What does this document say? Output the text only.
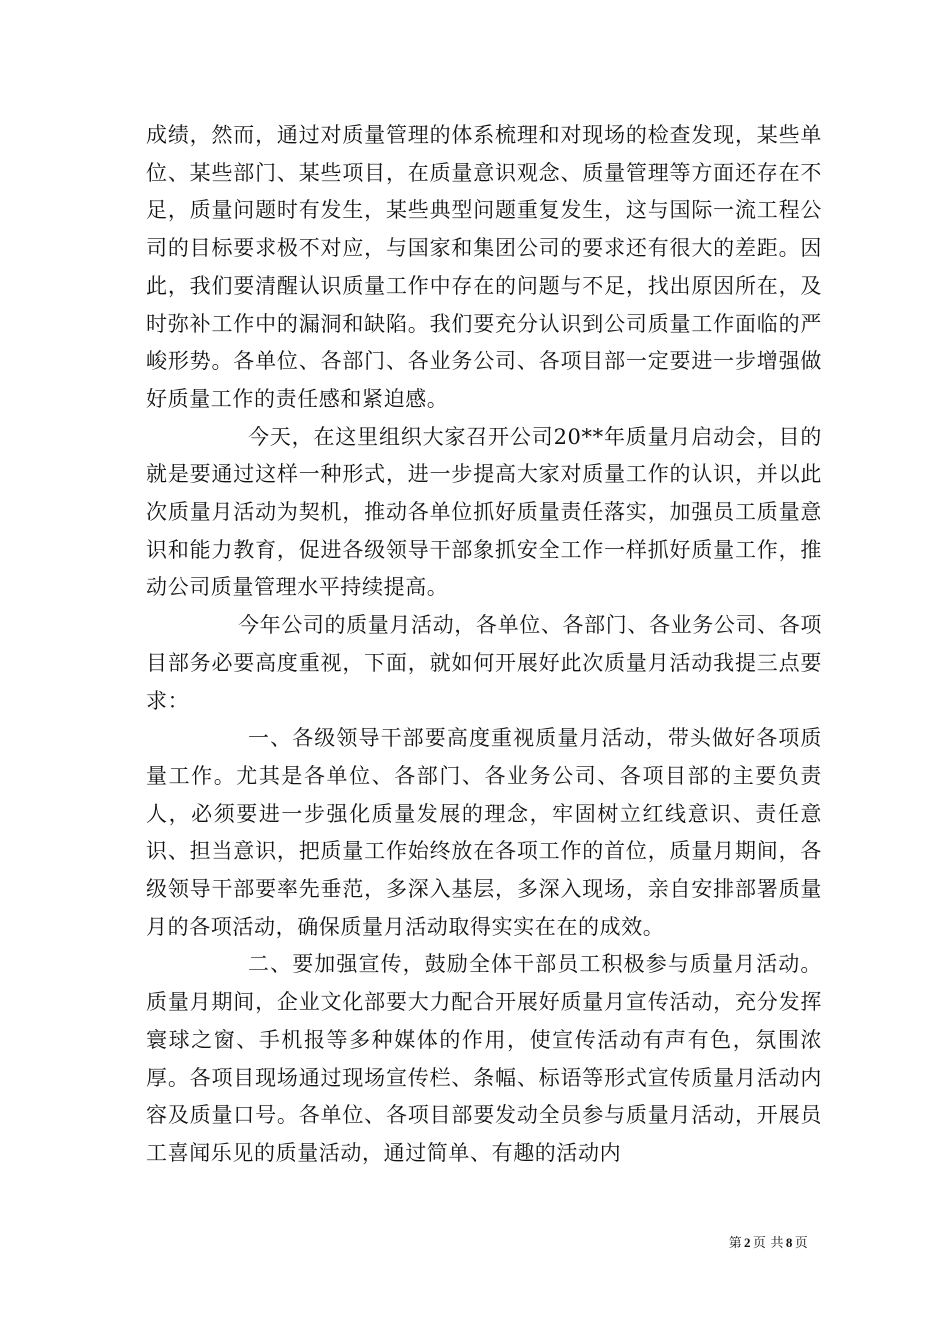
成绩，然而，通过对质量管理的体系梳理和对现场的检查发现，某些单位、某些部门、某些项目，在质量意识观念、质量管理等方面还存在不足，质量问题时有发生，某些典型问题重复发生，这与国际一流工程公司的目标要求极不对应，与国家和集团公司的要求还有很大的差距。因此，我们要清醒认识质量工作中存在的问题与不足，找出原因所在，及时弥补工作中的漏洞和缺陷。我们要充分认识到公司质量工作面临的严峻形势。各单位、各部门、各业务公司、各项目部一定要进一步增强做好质量工作的责任感和紧迫感。

今天，在这里组织大家召开公司20**年质量月启动会，目的就是要通过这样一种形式，进一步提高大家对质量工作的认识，并以此次质量月活动为契机，推动各单位抓好质量责任落实，加强员工质量意识和能力教育，促进各级领导干部象抓安全工作一样抓好质量工作，推动公司质量管理水平持续提高。

今年公司的质量月活动，各单位、各部门、各业务公司、各项目部务必要高度重视，下面，就如何开展好此次质量月活动我提三点要求：

一、各级领导干部要高度重视质量月活动，带头做好各项质量工作。尤其是各单位、各部门、各业务公司、各项目部的主要负责人，必须要进一步强化质量发展的理念，牢固树立红线意识、责任意识、担当意识，把质量工作始终放在各项工作的首位，质量月期间，各级领导干部要率先垂范，多深入基层，多深入现场，亲自安排部署质量月的各项活动，确保质量月活动取得实实在在的成效。

二、要加强宣传，鼓励全体干部员工积极参与质量月活动。质量月期间，企业文化部要大力配合开展好质量月宣传活动，充分发挥寰球之窗、手机报等多种媒体的作用，使宣传活动有声有色，氛围浓厚。各项目现场通过现场宣传栏、条幅、标语等形式宣传质量月活动内容及质量口号。各单位、各项目部要发动全员参与质量月活动，开展员工喜闻乐见的质量活动，通过简单、有趣的活动内

第 2 页 共 8 页
